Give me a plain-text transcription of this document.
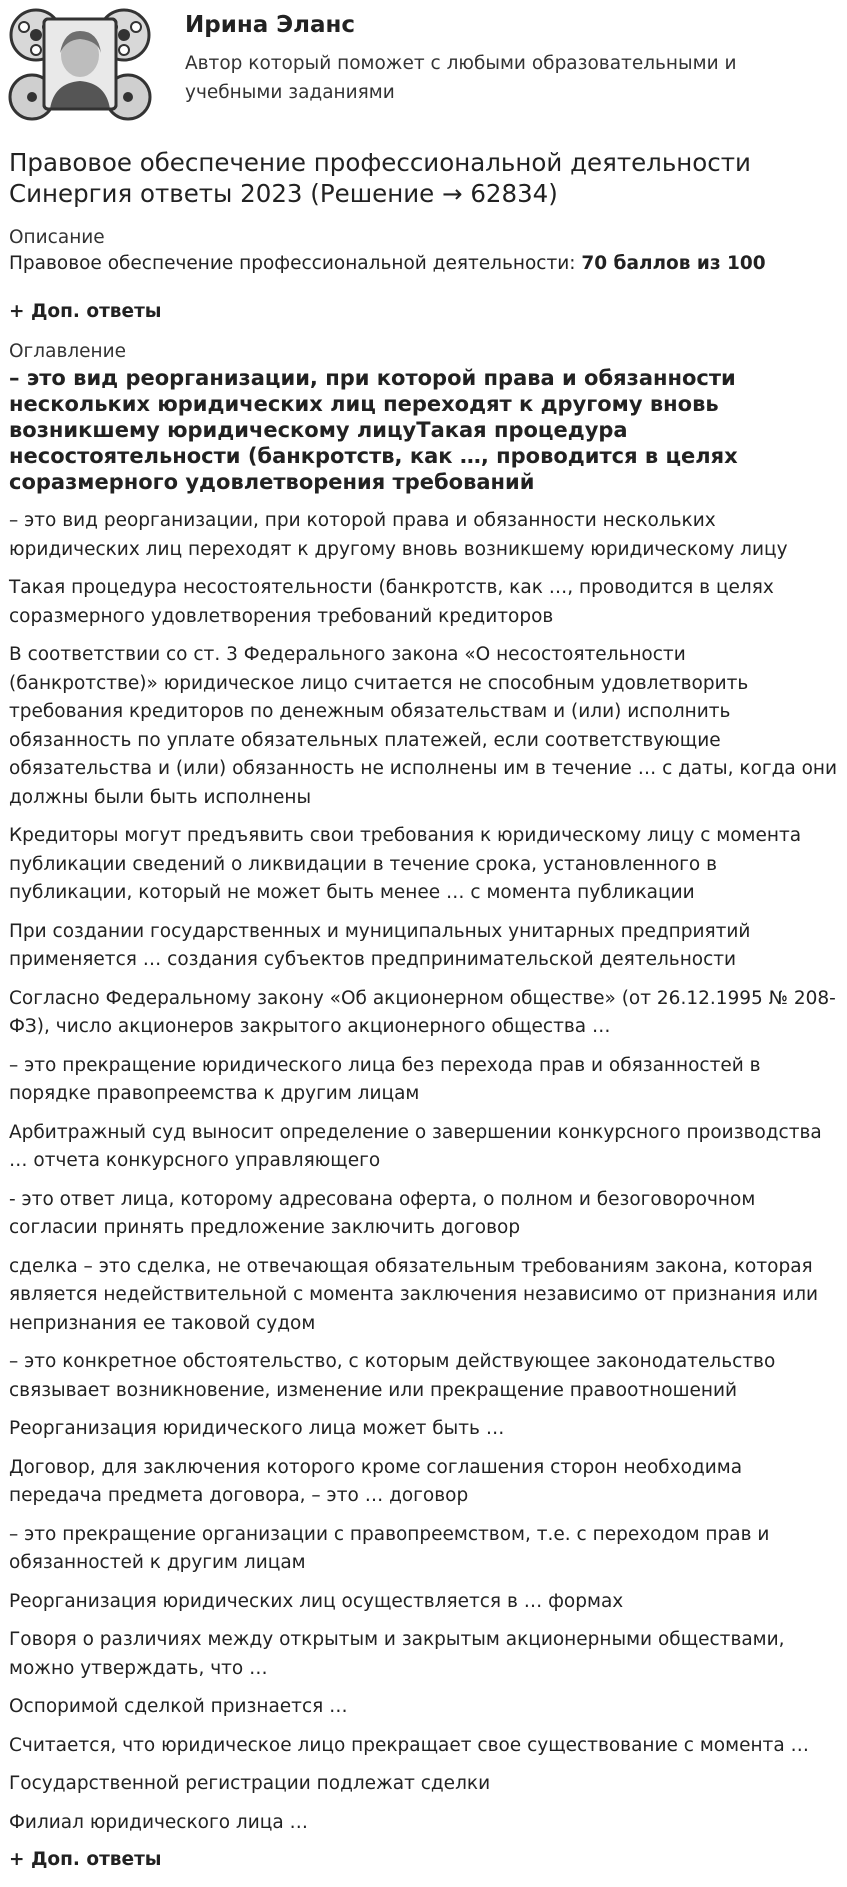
Ирина Эланс
Автор который поможет с любыми образовательными и учебными заданиями
Правовое обеспечение профессиональной деятельности Синергия ответы 2023 (Решение → 62834)

Описание

Правовое обеспечение профессиональной деятельности: 70 баллов из 100

+ Доп. ответы

Оглавление

– это вид реорганизации, при которой права и обязанности нескольких юридических лиц переходят к другому вновь возникшему юридическому лицуТакая процедура несостоятельности (банкротств, как …, проводится в целях соразмерного удовлетворения требований

– это вид реорганизации, при которой права и обязанности нескольких юридических лиц переходят к другому вновь возникшему юридическому лицу

Такая процедура несостоятельности (банкротств, как …, проводится в целях соразмерного удовлетворения требований кредиторов

В соответствии со ст. 3 Федерального закона «О несостоятельности (банкротстве)» юридическое лицо считается не способным удовлетворить требования кредиторов по денежным обязательствам и (или) исполнить обязанность по уплате обязательных платежей, если соответствующие обязательства и (или) обязанность не исполнены им в течение … с даты, когда они должны были быть исполнены

Кредиторы могут предъявить свои требования к юридическому лицу с момента публикации сведений о ликвидации в течение срока, установленного в публикации, который не может быть менее … с момента публикации

При создании государственных и муниципальных унитарных предприятий применяется … создания субъектов предпринимательской деятельности

Согласно Федеральному закону «Об акционерном обществе» (от 26.12.1995 № 208-ФЗ), число акционеров закрытого акционерного общества …

– это прекращение юридического лица без перехода прав и обязанностей в порядке правопреемства к другим лицам

Арбитражный суд выносит определение о завершении конкурсного производства … отчета конкурсного управляющего

- это ответ лица, которому адресована оферта, о полном и безоговорочном согласии принять предложение заключить договор

сделка – это сделка, не отвечающая обязательным требованиям закона, которая является недействительной с момента заключения независимо от признания или непризнания ее таковой судом

– это конкретное обстоятельство, с которым действующее законодательство связывает возникновение, изменение или прекращение правоотношений

Реорганизация юридического лица может быть …

Договор, для заключения которого кроме соглашения сторон необходима передача предмета договора, – это … договор

– это прекращение организации с правопреемством, т.е. с переходом прав и обязанностей к другим лицам

Реорганизация юридических лиц осуществляется в … формах

Говоря о различиях между открытым и закрытым акционерными обществами, можно утверждать, что …

Оспоримой сделкой признается …

Считается, что юридическое лицо прекращает свое существование с момента …

Государственной регистрации подлежат сделки

Филиал юридического лица …

+ Доп. ответы
